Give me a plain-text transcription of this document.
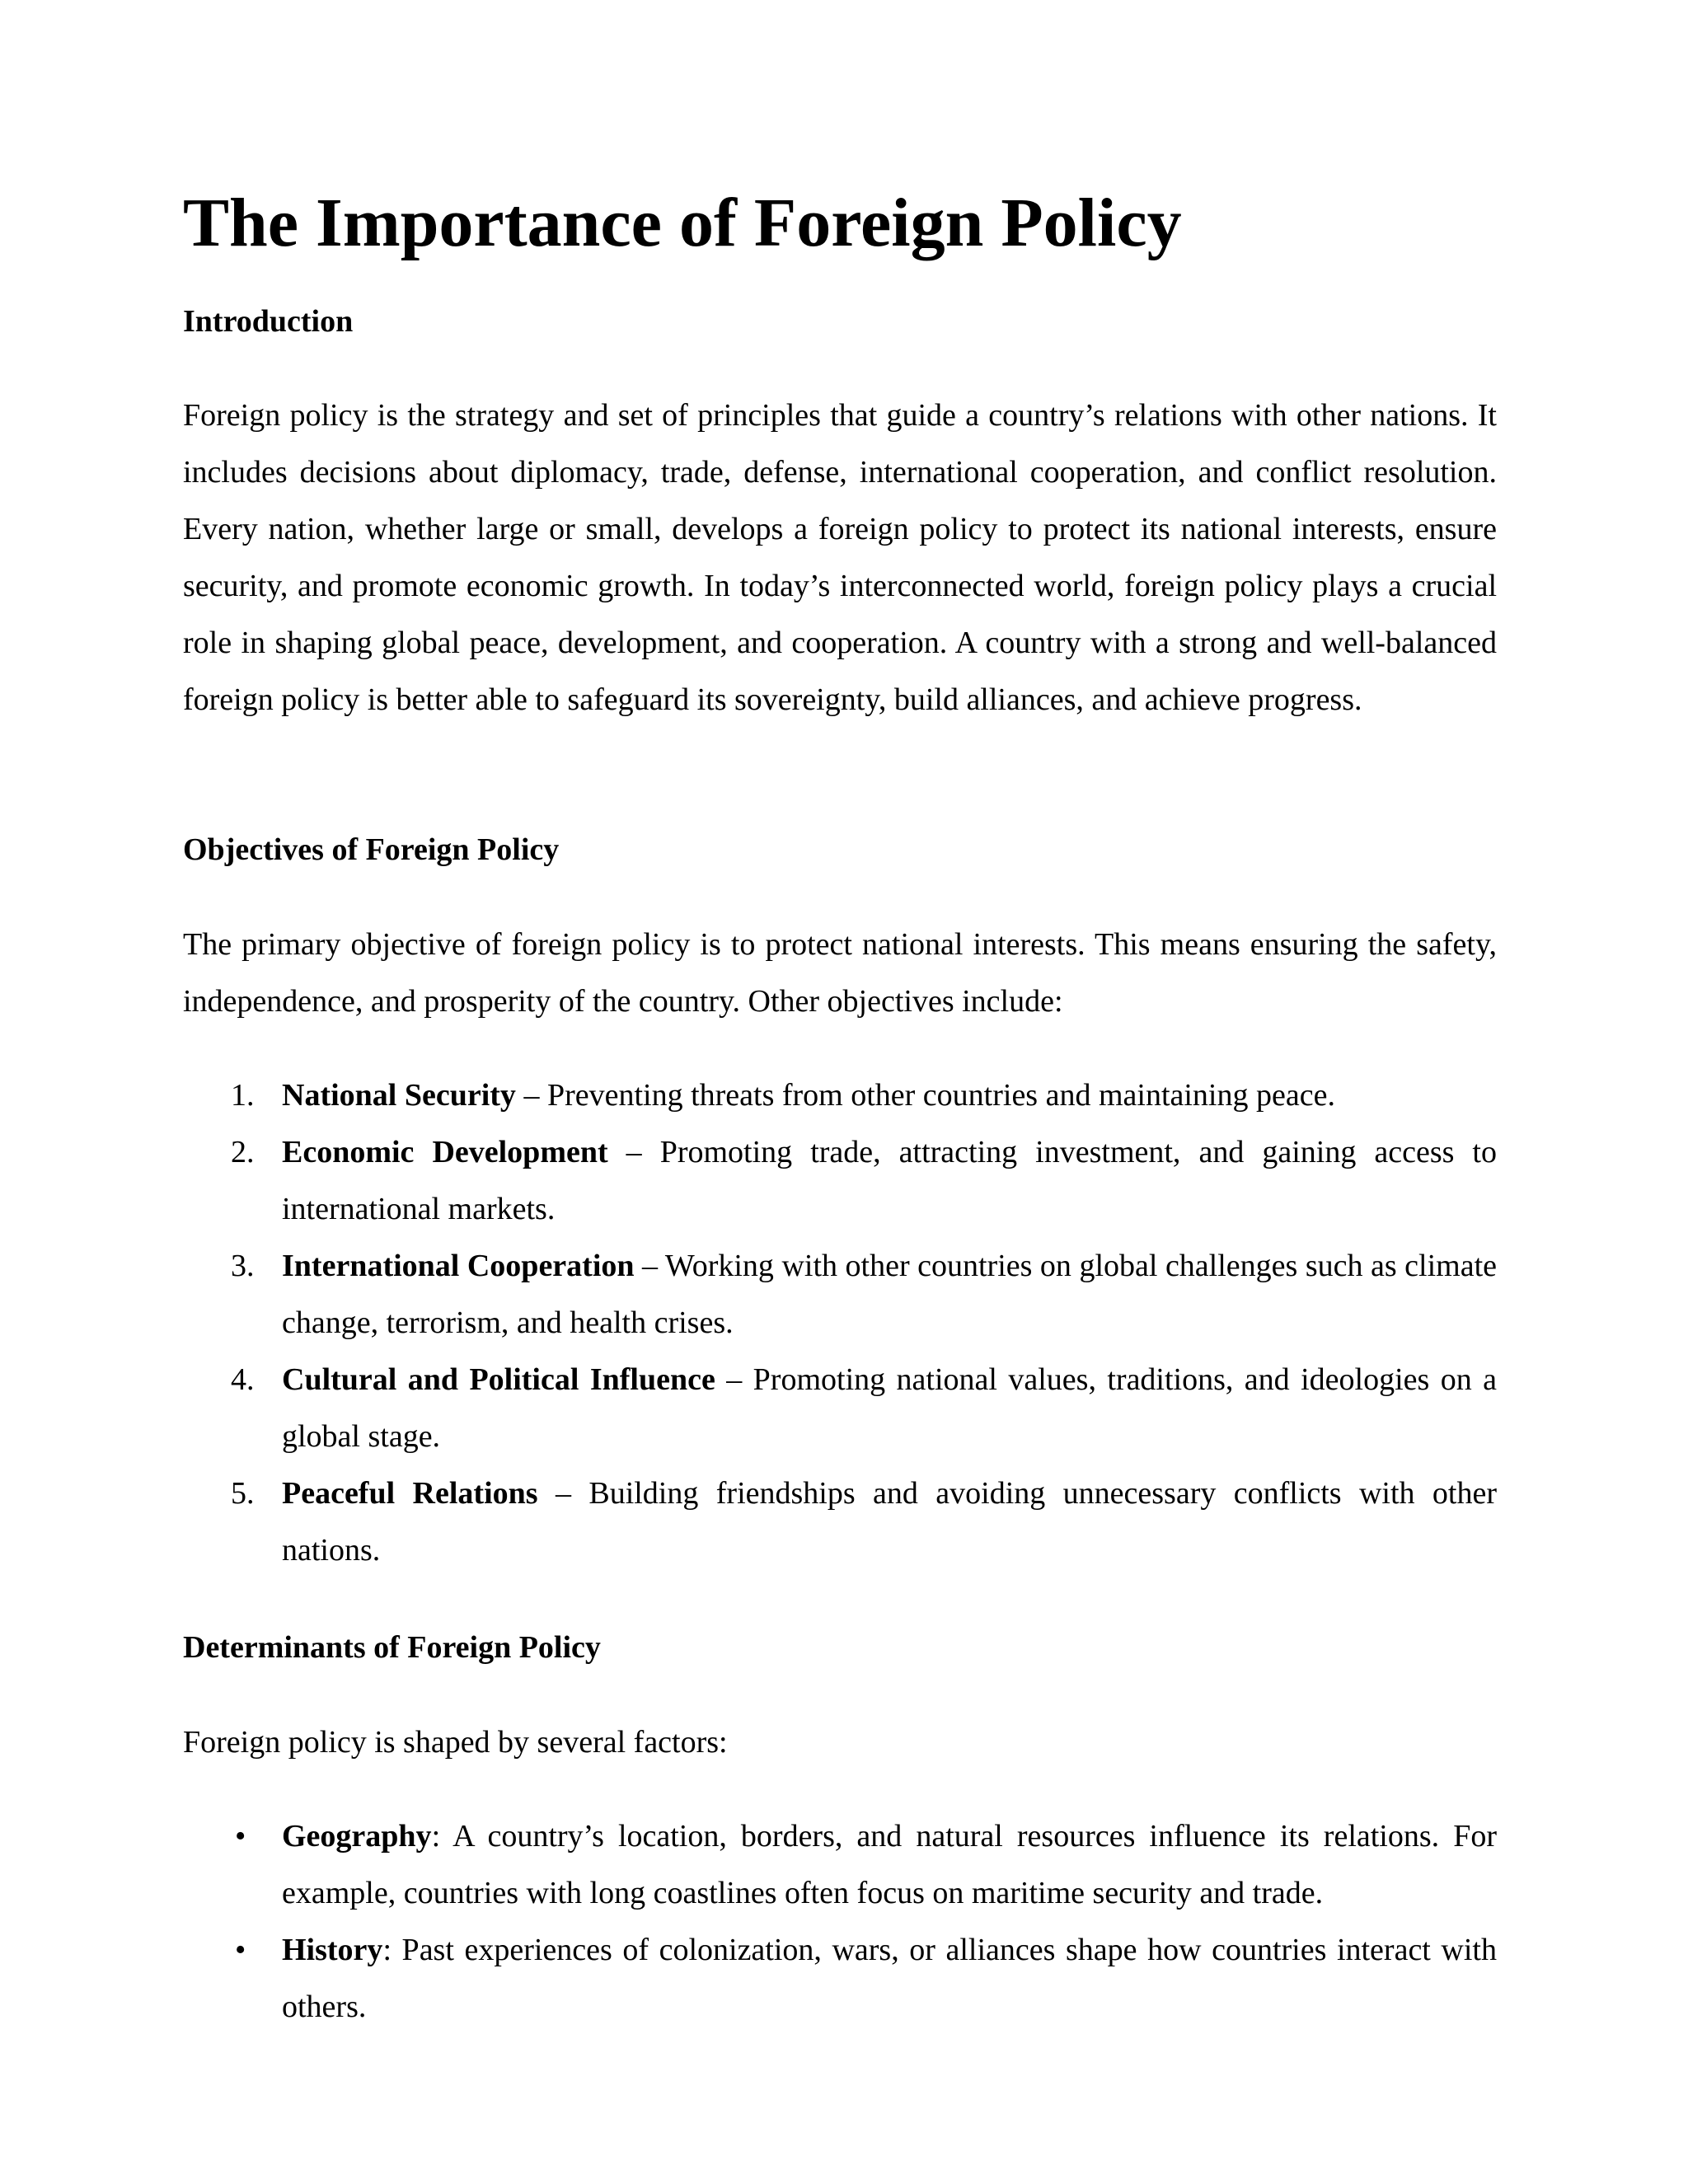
The Importance of Foreign Policy
Introduction

Foreign policy is the strategy and set of principles that guide a country’s relations with other nations. It includes decisions about diplomacy, trade, defense, international cooperation, and conflict resolution. Every nation, whether large or small, develops a foreign policy to protect its national interests, ensure security, and promote economic growth. In today’s interconnected world, foreign policy plays a crucial role in shaping global peace, development, and cooperation. A country with a strong and well-balanced foreign policy is better able to safeguard its sovereignty, build alliances, and achieve progress.

Objectives of Foreign Policy

The primary objective of foreign policy is to protect national interests. This means ensuring the safety, independence, and prosperity of the country. Other objectives include:

1. National Security – Preventing threats from other countries and maintaining peace.
2. Economic Development – Promoting trade, attracting investment, and gaining access to international markets.
3. International Cooperation – Working with other countries on global challenges such as climate change, terrorism, and health crises.
4. Cultural and Political Influence – Promoting national values, traditions, and ideologies on a global stage.
5. Peaceful Relations – Building friendships and avoiding unnecessary conflicts with other nations.
Determinants of Foreign Policy

Foreign policy is shaped by several factors:

• Geography: A country’s location, borders, and natural resources influence its relations. For example, countries with long coastlines often focus on maritime security and trade.
• History: Past experiences of colonization, wars, or alliances shape how countries interact with others.
